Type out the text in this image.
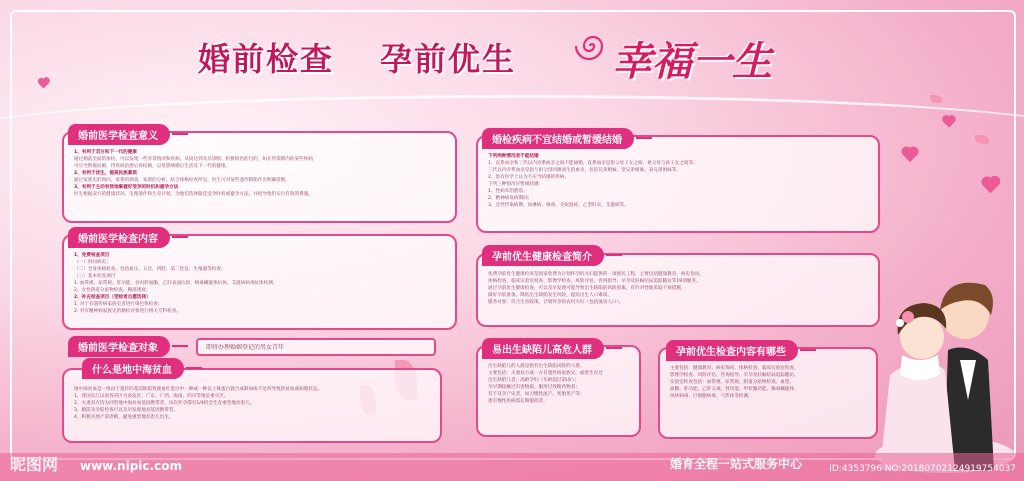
婚前检查 孕前优生 幸福一生
婚前医学检查意义
1、有利于双方和下一代的健康
通过婚前全面的体检，可以发现一些异常情况和疾病，从而达到及早诊断、积极矫治的目的，如在传染期内的某些疾病，
可应当暂缓结婚，待疾病治愈后再结婚，以免影响婚后生活及下一代的健康。
2、有利于优生，提高民族素质
通过家族史的询问，家系的调查，家谱的分析，结合体格检查所见，医生可对某些遗传缺陷作出明确诊断。
3、有利于主动有效地掌握好受孕的时机和避孕方法
医生根据双方的健康状况、生理条件和生育计划，为他们选择最佳受孕时机或避孕方法，并指导他们实行有效的措施。
婚前医学检查内容
1、免费检查项目
（一）询问病史；
（二）全身体格检查，包括血压、五官、四肢、第二性征、生殖器等检查；
（三）基本检查项目
1. 血常规、尿常规、肝功能、谷丙转氨酶、乙肝表面抗原、梅毒螺旋体抗体、艾滋病病毒抗体检测；
2、女性阴道分泌物检查，胸部透视；
2、补充检查项目（受检者自愿选择）
1. 对于有遗传病家族史者进行染色体检查；
2. 对有精神病家族史的婚检对象进行相关专科检查。
婚前医学检查对象	即将办理婚姻登记的男女青年
什么是地中海贫血
地中海贫血是一组由于遗传的基因缺陷致使血红蛋白中一种或一种以上珠蛋白链合成缺如或不足所导致的贫血或病理状态。
1、我国长江以南各省区为高发区，广东、广西、海南、四川等地是重灾区。
2、夫妻双方均为同型地中海贫血基因携带者，每次怀孕都有1/4机会生育重型地贫患儿。
3、婚前及孕前检查可以及早发现地贫基因携带者。
4、积极开展产前诊断，避免重型地贫患儿出生。
婚检疾病不宜结婚或暂缓结婚
下列两种情况者不能结婚
1、直系血亲和三代以内旁系血亲之间不能通婚。直系血亲是指父母子女之间、祖父母与孙子女之间等；
三代以内旁系血亲是指与祖父母同源而生的血亲，包括兄弟姐妹、堂兄弟姐妹、表兄弟姐妹等。
2、患有医学上认为不应当结婚的疾病。
下列三种情况应暂缓结婚：
1、性病未治愈前；
2、精神病发病期间；
3、急性传染病期，如淋病、梅毒、尖锐湿疣、乙型肝炎、艾滋病等。
孕前优生健康检查简介
免费孕前优生健康检查是国家免费为计划怀孕的夫妇提供的一项惠民工程，主要包括健康教育、病史询问、
体格检查、临床实验室检查、影像学检查、风险评估、咨询指导、早孕及妊娠结局追踪随访等19项服务。
通过孕前优生健康检查，可以及早发现可能导致出生缺陷的风险因素，有针对性地采取干预措施，
做好孕前准备，降低出生缺陷发生风险，提高出生人口素质。
服务对象：符合生育政策、计划怀孕的农村夫妇（包括流动人口）。
易出生缺陷儿高危人群
出生缺陷儿的人群是指有出生缺陷风险的人群；
主要包括：夫妻双方或一方有遗传病家族史，或曾生育过
出生缺陷儿者；高龄孕妇（年龄超过35岁）；
孕早期接触过有害物质、服用过致畸药物者；
有不良孕产史者，如习惯性流产、死胎死产等；
患有慢性疾病需长期服药者。
孕前优生检查内容有哪些
主要包括：健康教育、病史询问、体格检查、临床实验室检查、
影像学检查、风险评估、咨询指导、早孕及妊娠结局追踪随访。
实验室检查包括：血常规、尿常规、阴道分泌物检查、血型、
血糖、肝功能、乙肝五项、肾功能、甲状腺功能、梅毒螺旋体、
风疹病毒、巨细胞病毒、弓形体等检测。
昵图网 www.nipic.com	婚育全程一站式服务中心	ID:4353796 NO:20180702124919754037
